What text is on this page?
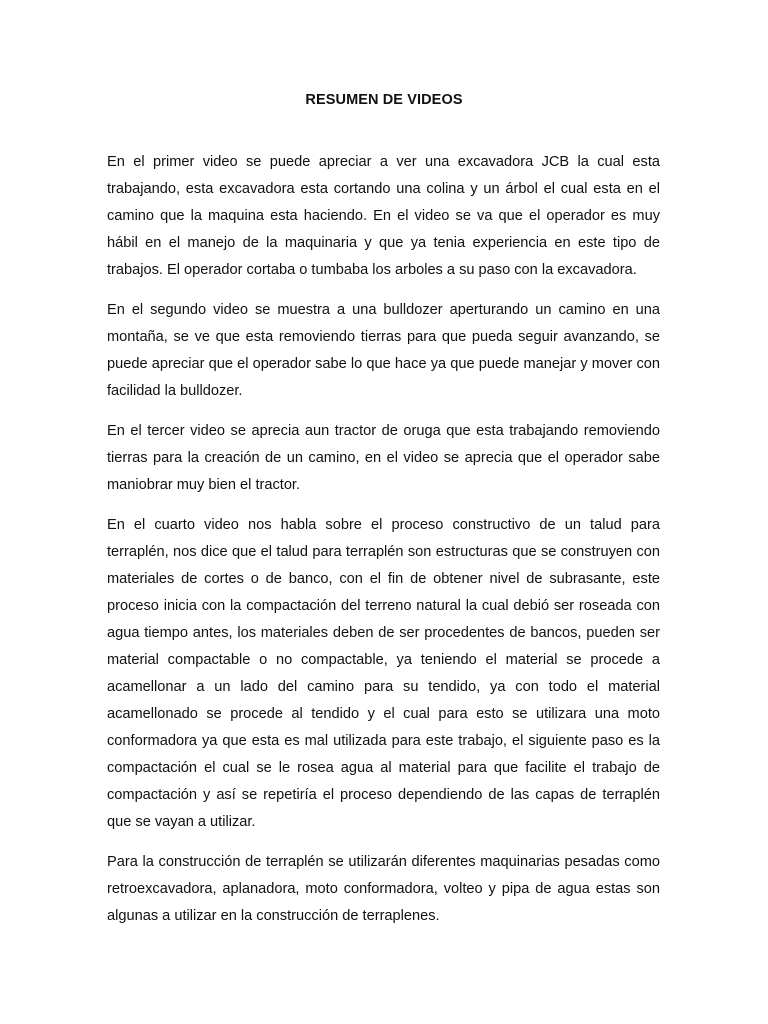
RESUMEN DE VIDEOS

En el primer video se puede apreciar a ver una excavadora JCB la cual esta trabajando, esta excavadora esta cortando una colina y un árbol el cual esta en el camino que la maquina esta haciendo. En el video se va que el operador es muy hábil en el manejo de la maquinaria y que ya tenia experiencia en este tipo de trabajos. El operador cortaba o tumbaba los arboles a su paso con la excavadora.

En el segundo video se muestra a una bulldozer aperturando un camino en una montaña, se ve que esta removiendo tierras para que pueda seguir avanzando, se puede apreciar que el operador sabe lo que hace ya que puede manejar y mover con facilidad la bulldozer.

En el tercer video se aprecia aun tractor de oruga que esta trabajando removiendo tierras para la creación de un camino, en el video se aprecia que el operador sabe maniobrar muy bien el tractor.

En el cuarto video nos habla sobre el proceso constructivo de un talud para terraplén, nos dice que el talud para terraplén son estructuras que se construyen con materiales de cortes o de banco, con el fin de obtener nivel de subrasante, este proceso inicia con la compactación del terreno natural la cual debió ser roseada con agua tiempo antes, los materiales deben de ser procedentes de bancos, pueden ser material compactable o no compactable, ya teniendo el material se procede a acamellonar a un lado del camino para su tendido, ya con todo el material acamellonado se procede al tendido y el cual para esto se utilizara una moto conformadora ya que esta es mal utilizada para este trabajo, el siguiente paso es la compactación el cual se le rosea agua al material para que facilite el trabajo de compactación y así se repetiría el proceso dependiendo de las capas de terraplén que se vayan a utilizar.

Para la construcción de terraplén se utilizarán diferentes maquinarias pesadas como retroexcavadora, aplanadora, moto conformadora, volteo y pipa de agua estas son algunas a utilizar en la construcción de terraplenes.
